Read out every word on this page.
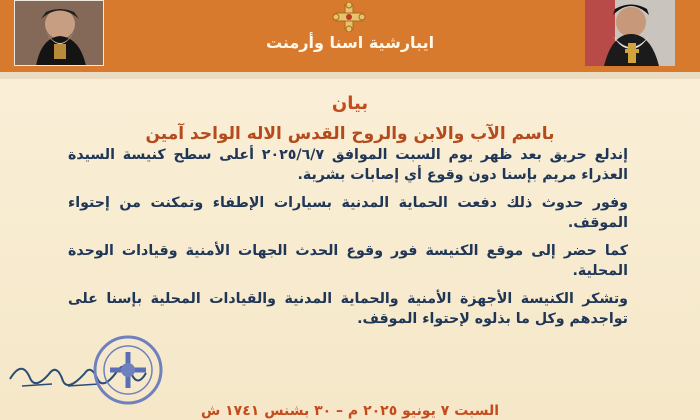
ايبارشية اسنا وأرمنت
بيان
باسم الآب والابن والروح القدس الاله الواحد آمين

إندلع حريق بعد ظهر يوم السبت الموافق ٢٠٢٥/٦/٧ أعلى سطح كنيسة السيدة العذراء مريم بإسنا دون وقوع أي إصابات بشرية.

وفور حدوث ذلك دفعت الحماية المدنية بسيارات الإطفاء وتمكنت من إحتواء الموقف.

كما حضر إلى موقع الكنيسة فور وقوع الحدث الجهات الأمنية وقيادات الوحدة المحلية.

وتشكر الكنيسة الأجهزة الأمنية والحماية المدنية والقيادات المحلية بإسنا على تواجدهم وكل ما بذلوه لإحتواء الموقف.

السبت ٧ يونيو ٢٠٢٥ م – ٣٠ بشنس ١٧٤١ ش
